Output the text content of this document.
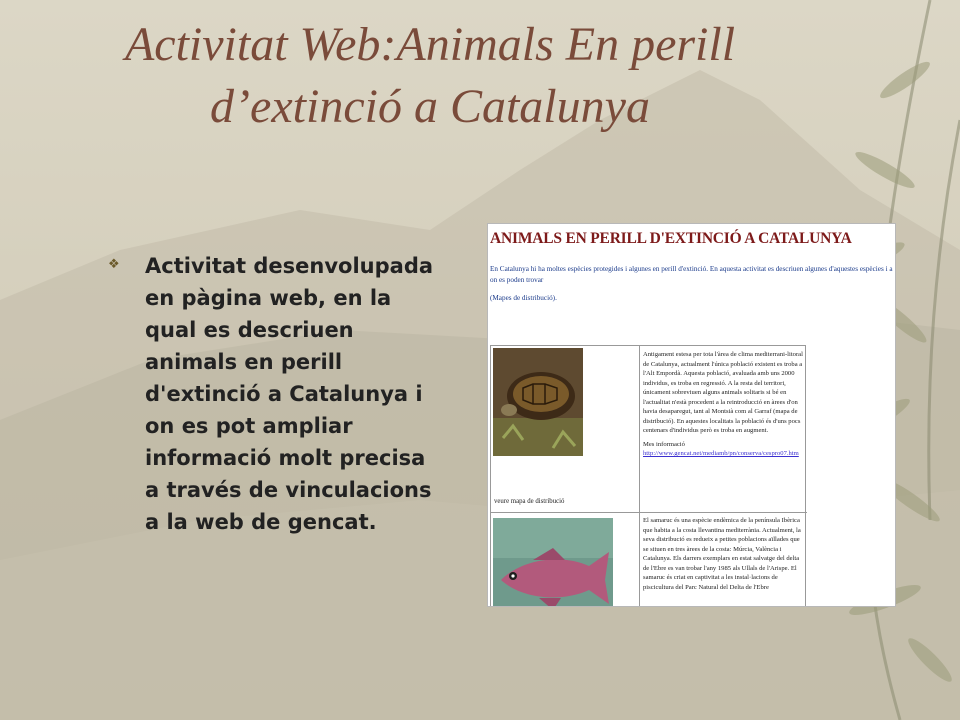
Activitat Web:Animals En perill
d’extinció a Catalunya
❖ Activitat desenvolupada en pàgina web, en la qual es descriuen animals en perill d'extinció a Catalunya i on es pot ampliar informació molt precisa a través de vinculacions a la web de gencat.
ANIMALS EN PERILL D'EXTINCIÓ A CATALUNYA
En Catalunya hi ha moltes espècies protegides i algunes en perill d'extinció. En aquesta activitat es descriuen algunes d'aquestes espècies i a on es poden trovar
(Mapes de distribució).
veure mapa de distribució
Antigament estesa per tota l'àrea de clima mediterrani-litoral de Catalunya, actualment l'única població existent es troba a l'Alt Empordà. Aquesta població, avaluada amb uns 2000 individus, es troba en regressió. A la resta del territori, únicament sobreviuen alguns animals solitaris si bé en l'actualitat n'està procedent a la reintroducció en àrees d'on havia desaparegut, tant al Montsià com al Garraf (mapa de distribució). En aquestes localitats la població és d'uns pocs centenars d'individus però es troba en augment.
Mes informació
http://www.gencat.net/mediamb/pn/conserva/cespro07.htm
El samaruc és una espècie endèmica de la península Ibèrica que habita a la costa llevantina mediterrània. Actualment, la seva distribució es redueix a petites poblacions aïllades que se situen en tres àrees de la costa: Múrcia, València i Catalunya. Els darrers exemplars en estat salvatge del delta de l'Ebre es van trobar l'any 1985 als Ullals de l'Arispe. El samaruc és criat en captivitat a les instal·lacions de piscicultura del Parc Natural del Delta de l'Ebre
